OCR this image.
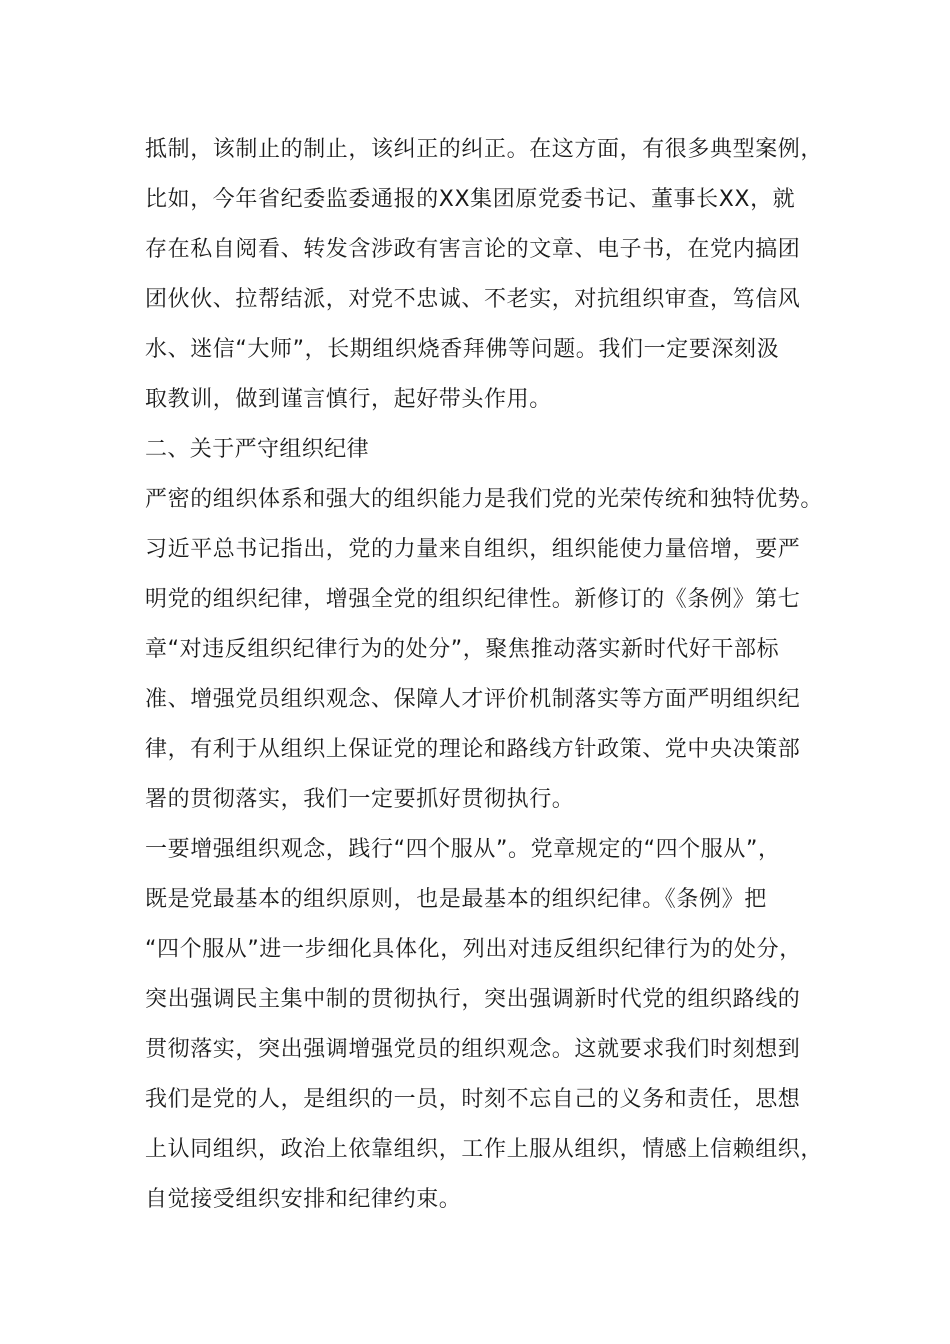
抵制，该制止的制止，该纠正的纠正。在这方面，有很多典型案例，
比如，今年省纪委监委通报的XX集团原党委书记、董事长XX，就
存在私自阅看、转发含涉政有害言论的文章、电子书，在党内搞团
团伙伙、拉帮结派，对党不忠诚、不老实，对抗组织审查，笃信风
水、迷信“大师”，长期组织烧香拜佛等问题。我们一定要深刻汲
取教训，做到谨言慎行，起好带头作用。
二、关于严守组织纪律
严密的组织体系和强大的组织能力是我们党的光荣传统和独特优势。
习近平总书记指出，党的力量来自组织，组织能使力量倍增，要严
明党的组织纪律，增强全党的组织纪律性。新修订的《条例》第七
章“对违反组织纪律行为的处分”，聚焦推动落实新时代好干部标
准、增强党员组织观念、保障人才评价机制落实等方面严明组织纪
律，有利于从组织上保证党的理论和路线方针政策、党中央决策部
署的贯彻落实，我们一定要抓好贯彻执行。
一要增强组织观念，践行“四个服从”。党章规定的“四个服从”，
既是党最基本的组织原则，也是最基本的组织纪律。《条例》把
“四个服从”进一步细化具体化，列出对违反组织纪律行为的处分，
突出强调民主集中制的贯彻执行，突出强调新时代党的组织路线的
贯彻落实，突出强调增强党员的组织观念。这就要求我们时刻想到
我们是党的人，是组织的一员，时刻不忘自己的义务和责任，思想
上认同组织，政治上依靠组织，工作上服从组织，情感上信赖组织，
自觉接受组织安排和纪律约束。
